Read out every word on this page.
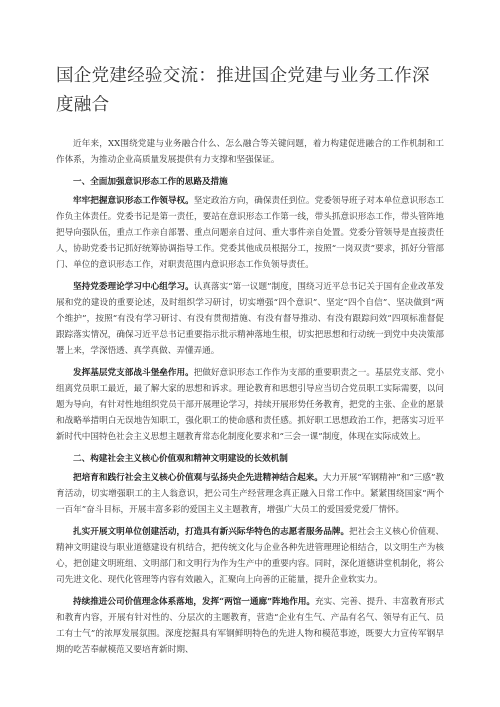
国企党建经验交流：推进国企党建与业务工作深度融合

近年来，XX围绕党建与业务融合什么、怎么融合等关键问题，着力构建促进融合的工作机制和工作体系，为推动企业高质量发展提供有力支撑和坚强保证。

一、全面加强意识形态工作的思路及措施

牢牢把握意识形态工作领导权。坚定政治方向，确保责任到位。党委领导班子对本单位意识形态工作负主体责任。党委书记是第一责任，要站在意识形态工作第一线，带头抓意识形态工作，带头管阵地把导向强队伍，重点工作亲自部署、重点问题亲自过问、重大事件亲自处置。党委分管领导是直接责任人，协助党委书记抓好统筹协调指导工作。党委其他成员根据分工，按照“一岗双责”要求，抓好分管部门、单位的意识形态工作，对职责范围内意识形态工作负领导责任。

坚持党委理论学习中心组学习。认真落实“第一议题”制度，围绕习近平总书记关于国有企业改革发展和党的建设的重要论述，及时组织学习研讨，切实增强“四个意识”、坚定“四个自信”、坚决做到“两个维护”，按照“有没有学习研讨、有没有贯彻措施、有没有督导推动、有没有跟踪问效”四项标准督促跟踪落实情况，确保习近平总书记重要指示批示精神落地生根，切实把思想和行动统一到党中央决策部署上来，学深悟透、真学真做、弄懂弄通。

发挥基层党支部战斗堡垒作用。把做好意识形态工作作为支部的重要职责之一。基层党支部、党小组离党员职工最近，最了解大家的思想和诉求。理论教育和思想引导应当切合党员职工实际需要，以问题为导向，有针对性地组织党员干部开展理论学习，持续开展形势任务教育，把党的主张、企业的愿景和战略举措明白无误地告知职工，强化职工的使命感和责任感。抓好职工思想政治工作，把落实习近平新时代中国特色社会主义思想主题教育常态化制度化要求和“三会一课”制度，体现在实际成效上。

二、构建社会主义核心价值观和精神文明建设的长效机制

把培育和践行社会主义核心价值观与弘扬央企先进精神结合起来。大力开展“军钢精神”和“三感”教育活动，切实增强职工的主人翁意识，把公司生产经营理念真正融入日常工作中。紧紧围绕国家“两个一百年”奋斗目标，开展丰富多彩的爱国主义主题教育，增强广大员工的爱国爱党爱厂情怀。

扎实开展文明单位创建活动，打造具有新兴际华特色的志愿者服务品牌。把社会主义核心价值观、精神文明建设与职业道德建设有机结合，把传统文化与企业各种先进管理理论相结合，以文明生产为核心，把创建文明班组、文明部门和文明行为作为生产中的重要内容。同时，深化道德讲堂机制化，将公司先进文化、现代化管理等内容有效融入，汇聚向上向善的正能量，提升企业软实力。

持续推进公司价值理念体系落地，发挥“两馆一通廊”阵地作用。充实、完善、提升、丰富教育形式和教育内容，开展有针对性的、分层次的主题教育，营造“企业有生气、产品有名气、领导有正气、员工有士气”的浓厚发展氛围。深度挖掘具有军钢鲜明特色的先进人物和模范事迹，既要大力宣传军钢早期的吃苦奉献模范又要培育新时期、
